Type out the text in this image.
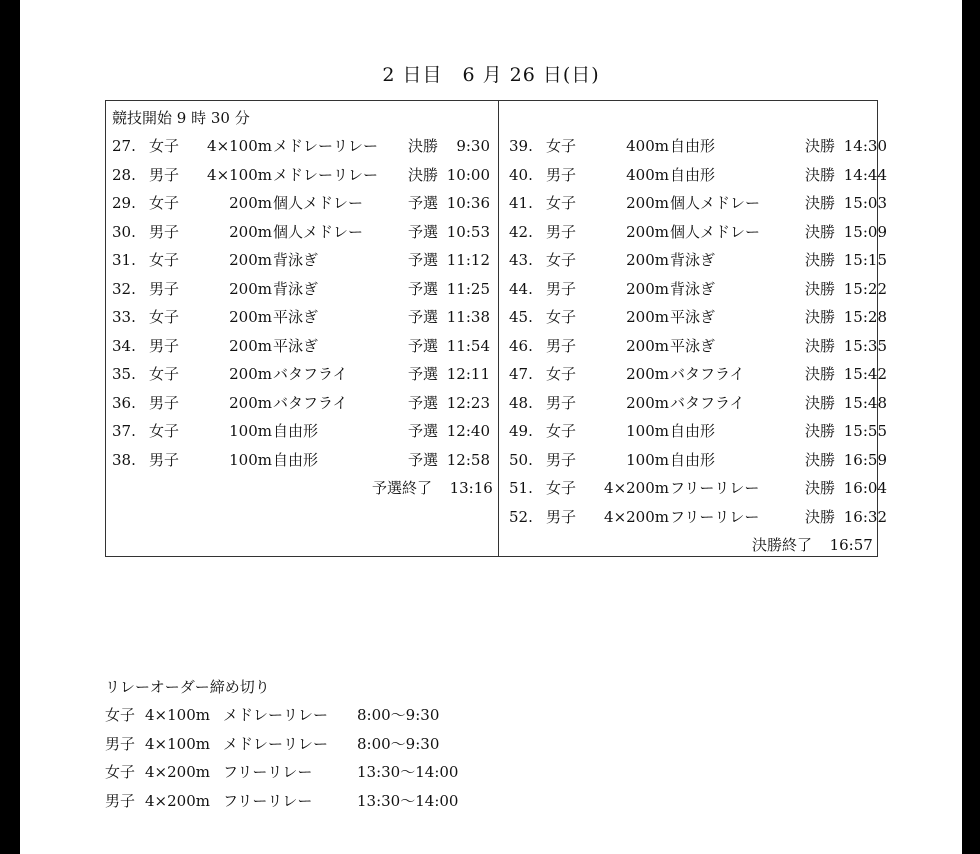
2 日目　6 月 26 日(日)
競技開始 9 時 30 分
27. 女子	4×100m メドレーリレー 決勝	9:30
28. 男子	4×100m メドレーリレー 決勝 10:00
29. 女子	200m 個人メドレー	予選 10:36
30. 男子	200m 個人メドレー	予選 10:53
31. 女子	200m 背泳ぎ	予選 11:12
32. 男子	200m 背泳ぎ	予選 11:25
33. 女子	200m 平泳ぎ	予選 11:38
34. 男子	200m 平泳ぎ	予選 11:54
35. 女子	200m バタフライ	予選 12:11
36. 男子	200m バタフライ	予選 12:23
37. 女子	100m 自由形	予選 12:40
38. 男子	100m 自由形	予選 12:58
39. 女子	400m 自由形	決勝 14:30
40. 男子	400m 自由形	決勝 14:44
41. 女子	200m 個人メドレー	決勝 15:03
42. 男子	200m 個人メドレー	決勝 15:09
43. 女子	200m 背泳ぎ	決勝 15:15
44. 男子	200m 背泳ぎ	決勝 15:22
45. 女子	200m 平泳ぎ	決勝 15:28
46. 男子	200m 平泳ぎ	決勝 15:35
47. 女子	200m バタフライ	決勝 15:42
48. 男子	200m バタフライ	決勝 15:48
49. 女子	100m 自由形	決勝 15:55
50. 男子	100m 自由形	決勝 16:59
51. 女子	4×200m フリーリレー	決勝 16:04
52. 男子	4×200m フリーリレー	決勝 16:32
予選終了 13:16
決勝終了 16:57
リレーオーダー締め切り
女子 4×100m メドレーリレー 8:00〜9:30
男子 4×100m メドレーリレー 8:00〜9:30
女子 4×200m フリーリレー	13:30〜14:00
男子 4×200m フリーリレー	13:30〜14:00
